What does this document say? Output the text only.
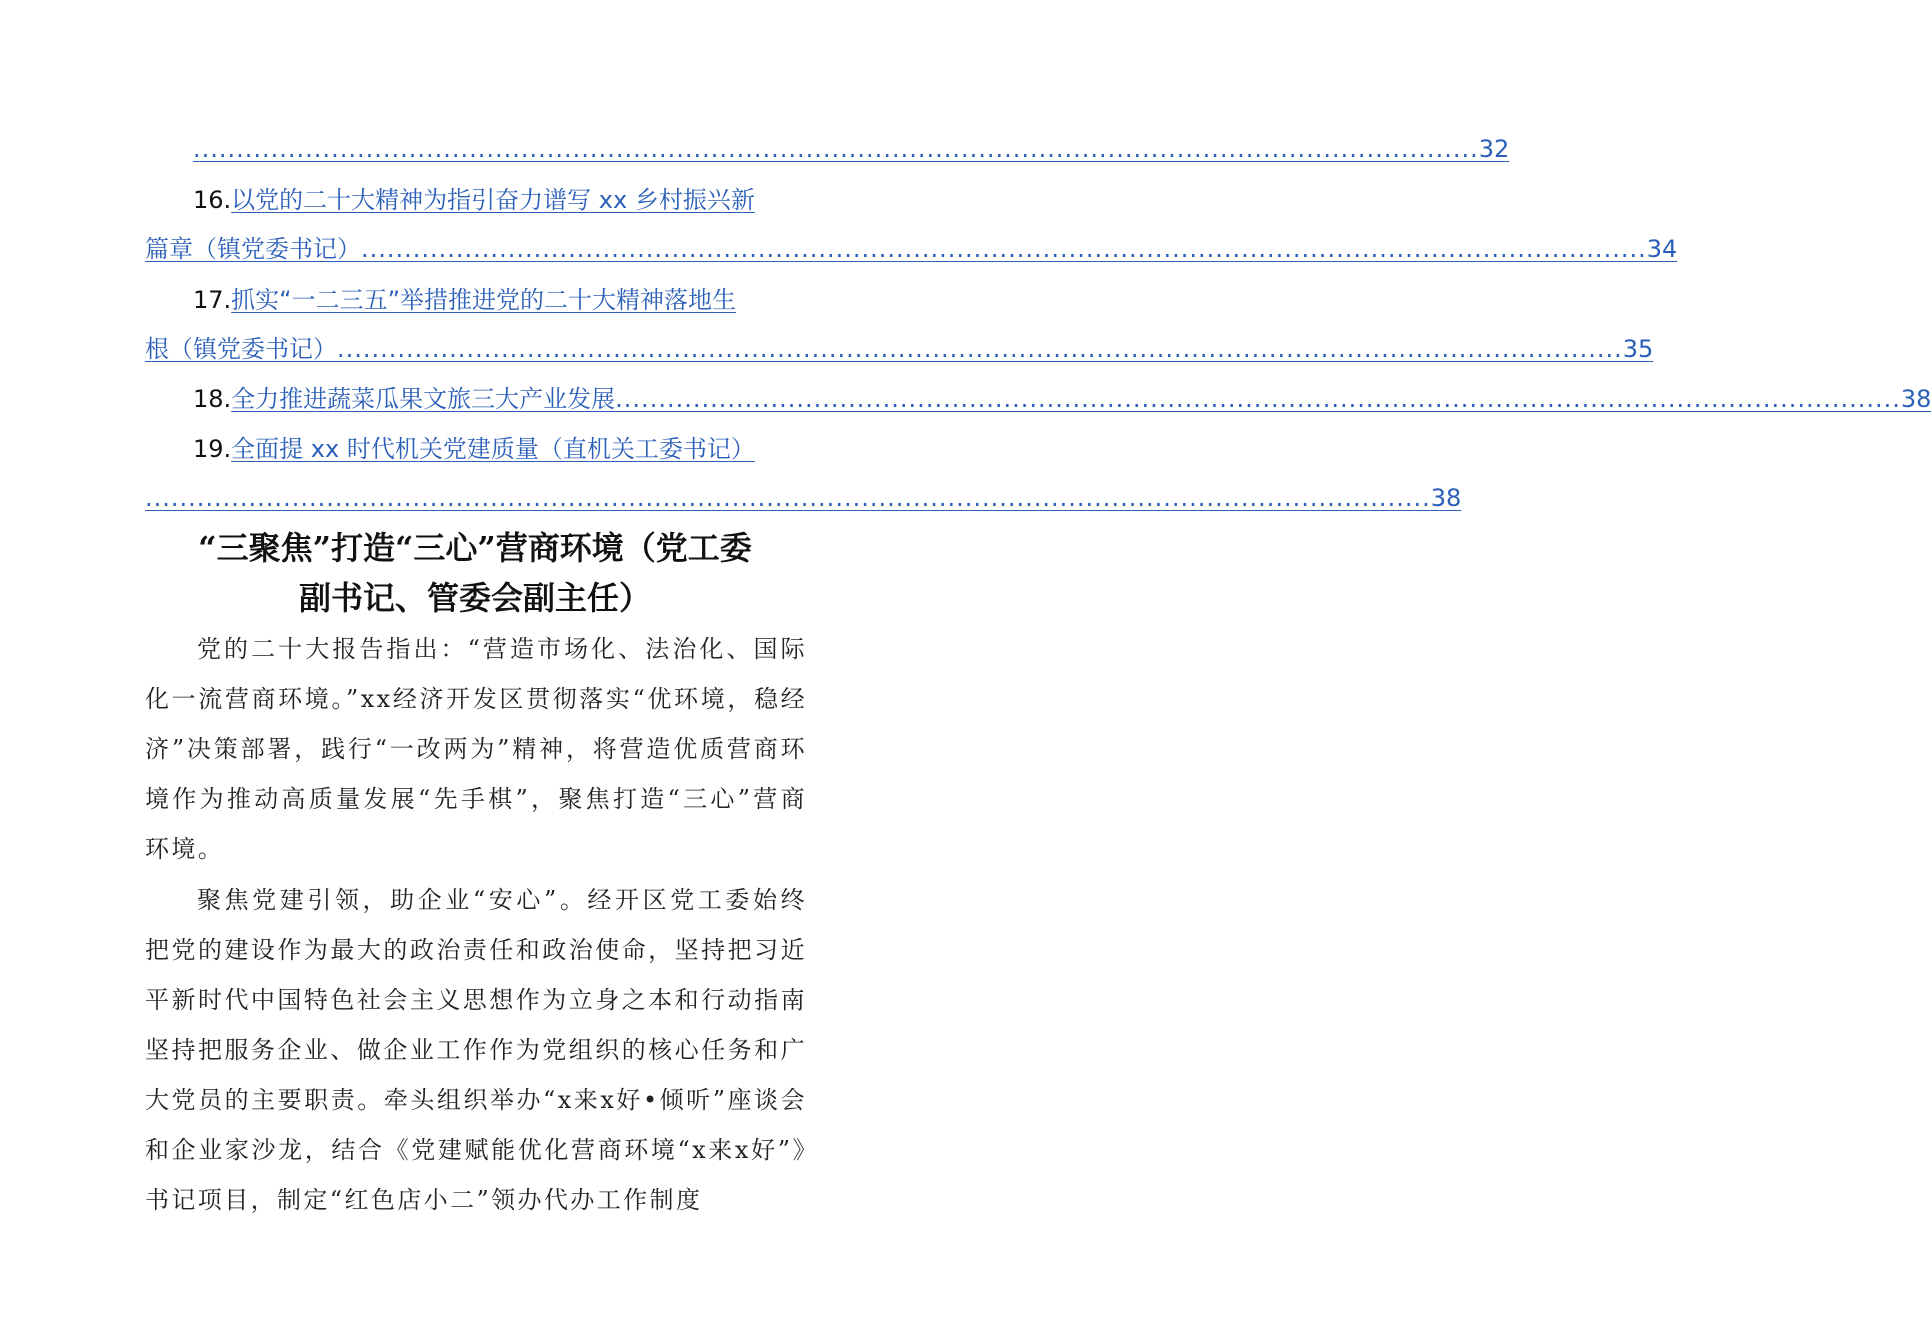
..................................................................................................................................................... 32
16.以党的二十大精神为指引奋力谱写 xx 乡村振兴新
篇章（镇党委书记） ..................................................................................................................................................... 34
17.抓实“一二三五”举措推进党的二十大精神落地生
根（镇党委书记） ..................................................................................................................................................... 35
18. 全力推进蔬菜瓜果文旅三大产业发展 ..................................................................................................................................................... 38
19.全面提 xx 时代机关党建质量（直机关工委书记）
..................................................................................................................................................... 38
“三聚焦”打造“三心”营商环境（党工委
副书记、管委会副主任）
党的二十大报告指出：“营造市场化、法治化、国际化一流营商环境。”xx经济开发区贯彻落实“优环境，稳经济”决策部署，践行“一改两为”精神，将营造优质营商环境作为推动高质量发展“先手棋”，聚焦打造“三心”营商环境。
聚焦党建引领，助企业“安心”。经开区党工委始终把党的建设作为最大的政治责任和政治使命，坚持把习近平新时代中国特色社会主义思想作为立身之本和行动指南坚持把服务企业、做企业工作作为党组织的核心任务和广大党员的主要职责。牵头组织举办“x来x好•倾听”座谈会和企业家沙龙，结合《党建赋能优化营商环境“x来x好”》书记项目，制定“红色店小二”领办代办工作制度
